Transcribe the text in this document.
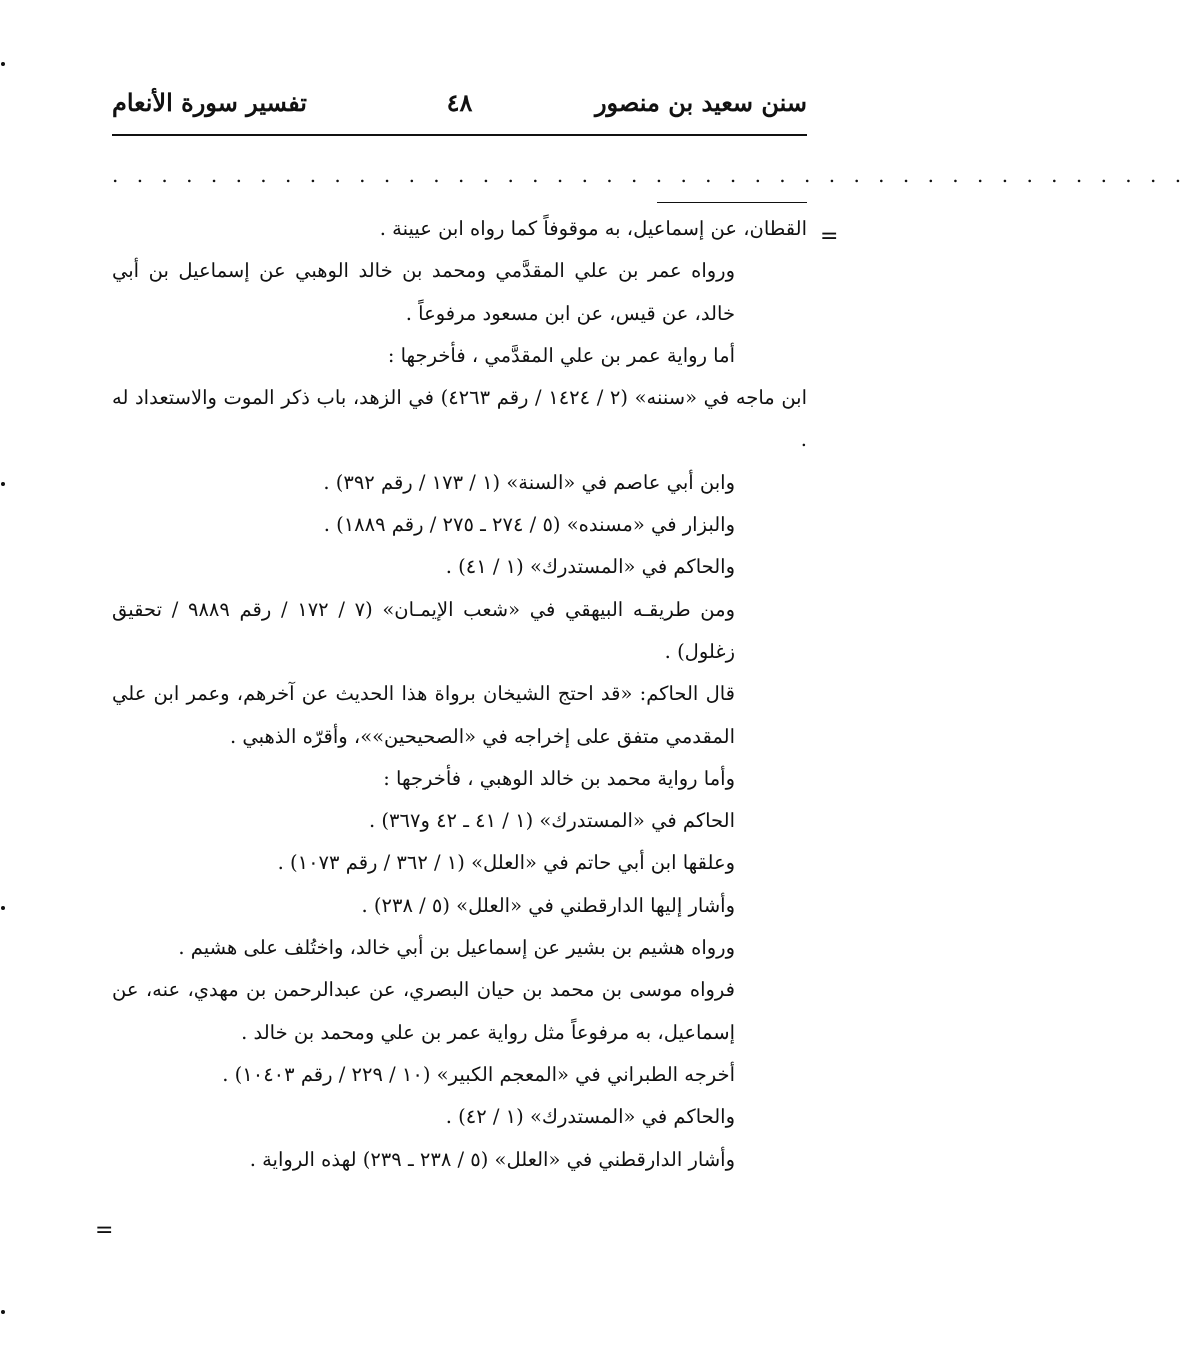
سنن سعيد بن منصور
٤٨
تفسير سورة الأنعام
. . . . . . . . . . . . . . . . . . . . . . . . . . . . . . . . . . . . . . . . . . . .
=
=

القطان، عن إسماعيل، به موقوفاً كما رواه ابن عيينة .

ورواه عمر بن علي المقدَّمي ومحمد بن خالد الوهبي عن إسماعيل بن أبي خالد، عن قيس، عن ابن مسعود مرفوعاً .

أما رواية عمر بن علي المقدَّمي ، فأخرجها :

ابن ماجه في «سننه» (٢ / ١٤٢٤ / رقم ٤٢٦٣) في الزهد، باب ذكر الموت والاستعداد له .

وابن أبي عاصم في «السنة» (١ / ١٧٣ / رقم ٣٩٢) .

والبزار في «مسنده» (٥ / ٢٧٤ ـ ٢٧٥ / رقم ١٨٨٩) .

والحاكم في «المستدرك» (١ / ٤١) .

ومن طريقـه البيهقي في «شعب الإيمـان» (٧ / ١٧٢ / رقم ٩٨٨٩ / تحقيق زغلول) .

قال الحاكم: «قد احتج الشيخان برواة هذا الحديث عن آخرهم، وعمر ابن علي المقدمي متفق على إخراجه في «الصحيحين»»، وأقرّه الذهبي .

وأما رواية محمد بن خالد الوهبي ، فأخرجها :

الحاكم في «المستدرك» (١ / ٤١ ـ ٤٢ و٣٦٧) .

وعلقها ابن أبي حاتم في «العلل» (١ / ٣٦٢ / رقم ١٠٧٣) .

وأشار إليها الدارقطني في «العلل» (٥ / ٢٣٨) .

ورواه هشيم بن بشير عن إسماعيل بن أبي خالد، واختُلف على هشيم .

فرواه موسى بن محمد بن حيان البصري، عن عبدالرحمن بن مهدي، عنه، عن إسماعيل، به مرفوعاً مثل رواية عمر بن علي ومحمد بن خالد .

أخرجه الطبراني في «المعجم الكبير» (١٠ / ٢٢٩ / رقم ١٠٤٠٣) .

والحاكم في «المستدرك» (١ / ٤٢) .

وأشار الدارقطني في «العلل» (٥ / ٢٣٨ ـ ٢٣٩) لهذه الرواية .
